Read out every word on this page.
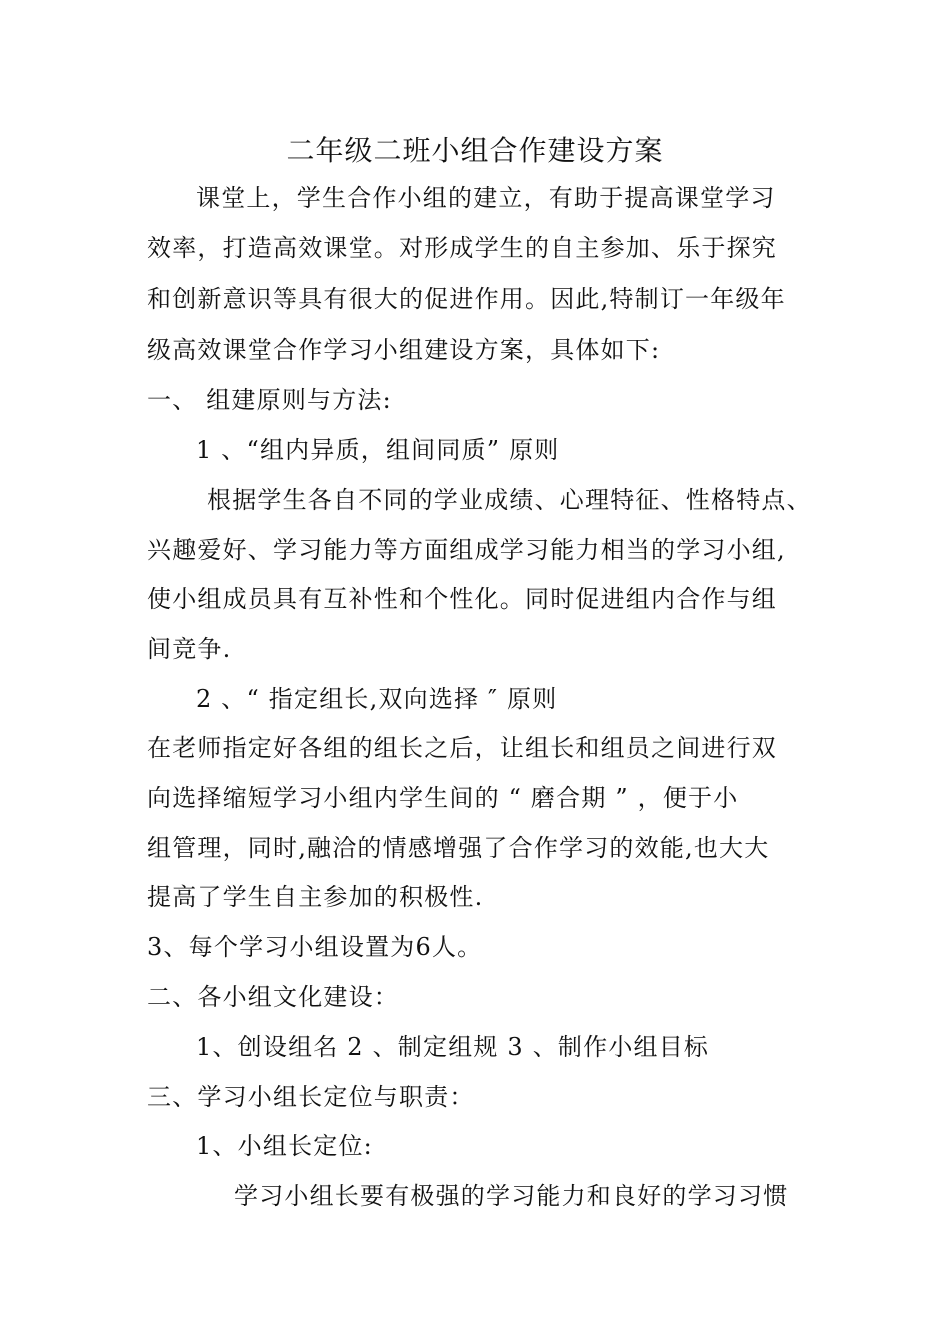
二年级二班小组合作建设方案
课堂上，学生合作小组的建立，有助于提高课堂学习
效率，打造高效课堂。对形成学生的自主参加、乐于探究
和创新意识等具有很大的促进作用。因此,特制订一年级年
级高效课堂合作学习小组建设方案，具体如下:
一、 组建原则与方法:
1 、“组内异质，组间同质” 原则
根据学生各自不同的学业成绩、心理特征、性格特点、
兴趣爱好、学习能力等方面组成学习能力相当的学习小组,
使小组成员具有互补性和个性化。同时促进组内合作与组
间竞争.
2 、“ 指定组长,双向选择 ″ 原则
在老师指定好各组的组长之后，让组长和组员之间进行双
向选择缩短学习小组内学生间的 “ 磨合期 ” ，便于小
组管理，同时,融洽的情感增强了合作学习的效能,也大大
提高了学生自主参加的积极性.
3、每个学习小组设置为6人。
二、各小组文化建设：
1、创设组名 2 、制定组规 3 、制作小组目标
三、学习小组长定位与职责：
1、小组长定位:
学习小组长要有极强的学习能力和良好的学习习惯
